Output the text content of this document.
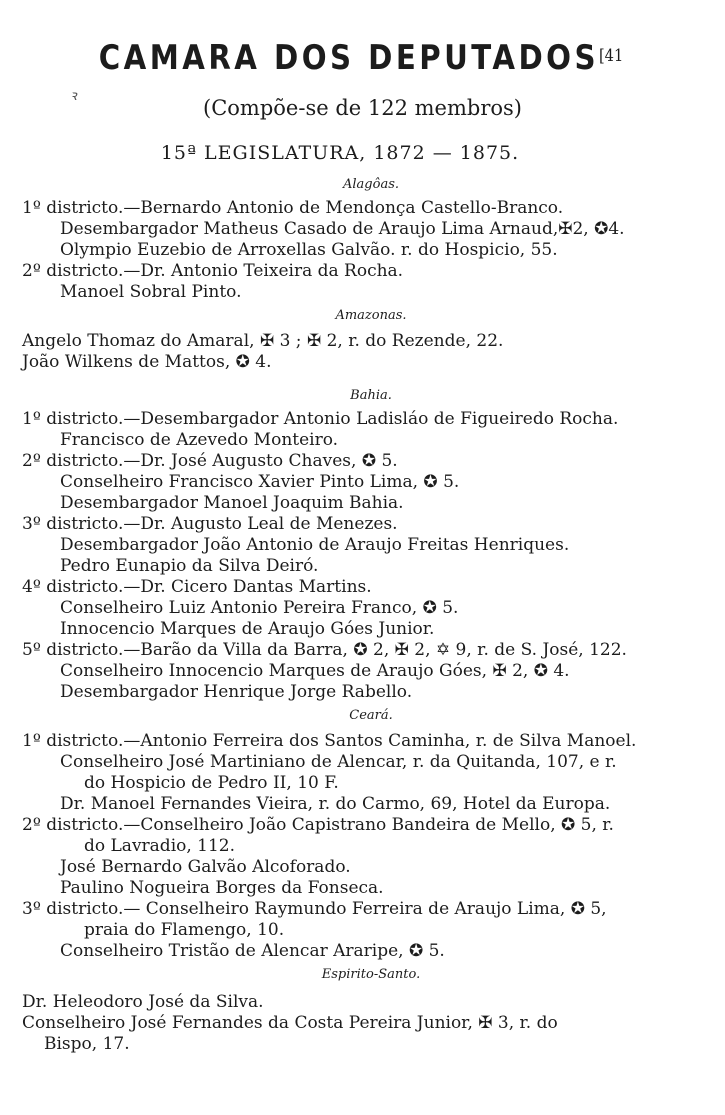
ꝛ
CAMARA DOS $DEPUTADOS^{[41}$
(Compõe-se de 122 membros)
15ª LEGISLATURA, 1872 — 1875.
Alagôas.
1º districto.—Bernardo Antonio de Mendonça Castello-Branco.
Desembargador Matheus Casado de Araujo Lima Arnaud,✠2, ✪4.
Olympio Euzebio de Arroxellas Galvão. r. do Hospicio, 55.
2º districto.—Dr. Antonio Teixeira da Rocha.
Manoel Sobral Pinto.
Amazonas.
Angelo Thomaz do Amaral, ✠ 3 ; ✠ 2, r. do Rezende, 22.
João Wilkens de Mattos, ✪ 4.
Bahia.
1º districto.—Desembargador Antonio Ladisláo de Figueiredo Rocha.
Francisco de Azevedo Monteiro.
2º districto.—Dr. José Augusto Chaves, ✪ 5.
Conselheiro Francisco Xavier Pinto Lima, ✪ 5.
Desembargador Manoel Joaquim Bahia.
3º districto.—Dr. Augusto Leal de Menezes.
Desembargador João Antonio de Araujo Freitas Henriques.
Pedro Eunapio da Silva Deiró.
4º districto.—Dr. Cicero Dantas Martins.
Conselheiro Luiz Antonio Pereira Franco, ✪ 5.
Innocencio Marques de Araujo Góes Junior.
5º districto.—Barão da Villa da Barra, ✪ 2, ✠ 2, ✡ 9, r. de S. José, 122.
Conselheiro Innocencio Marques de Araujo Góes, ✠ 2, ✪ 4.
Desembargador Henrique Jorge Rabello.
Ceará.
1º districto.—Antonio Ferreira dos Santos Caminha, r. de Silva Manoel.
Conselheiro José Martiniano de Alencar, r. da Quitanda, 107, e r.
do Hospicio de Pedro II, 10 F.
Dr. Manoel Fernandes Vieira, r. do Carmo, 69, Hotel da Europa.
2º districto.—Conselheiro João Capistrano Bandeira de Mello, ✪ 5, r.
do Lavradio, 112.
José Bernardo Galvão Alcoforado.
Paulino Nogueira Borges da Fonseca.
3º districto.— Conselheiro Raymundo Ferreira de Araujo Lima, ✪ 5,
praia do Flamengo, 10.
Conselheiro Tristão de Alencar Araripe, ✪ 5.
Espirito-Santo.
Dr. Heleodoro José da Silva.
Conselheiro José Fernandes da Costa Pereira Junior, ✠ 3, r. do
Bispo, 17.
